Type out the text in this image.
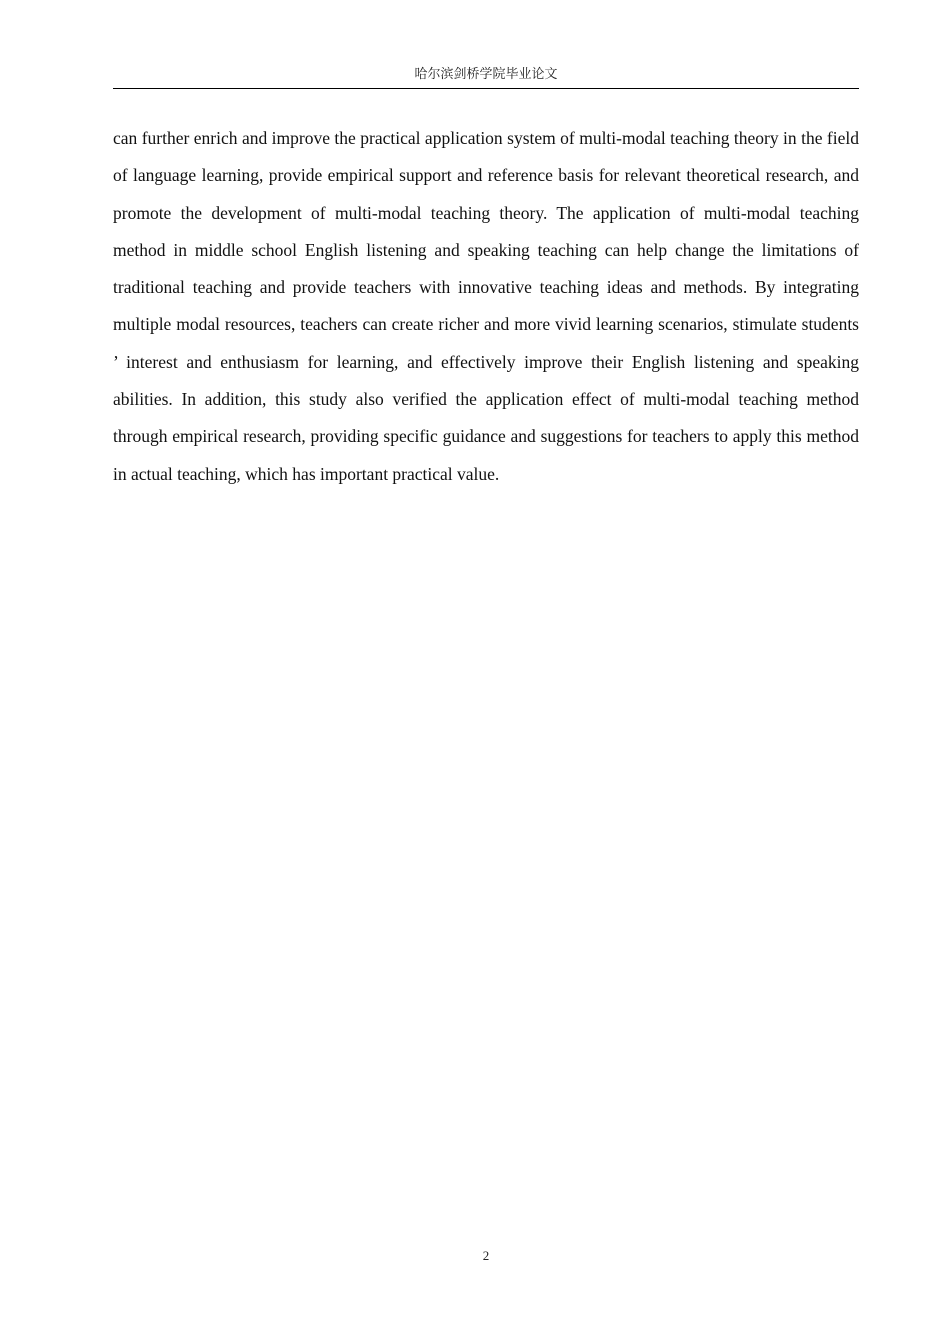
哈尔滨剑桥学院毕业论文

can further enrich and improve the practical application system of multi-modal teaching theory in the field of language learning, provide empirical support and reference basis for relevant theoretical research, and promote the development of multi-modal teaching theory. The application of multi-modal teaching method in middle school English listening and speaking teaching can help change the limitations of traditional teaching and provide teachers with innovative teaching ideas and methods. By integrating multiple modal resources, teachers can create richer and more vivid learning scenarios, stimulate students ’ interest and enthusiasm for learning, and effectively improve their English listening and speaking abilities. In addition, this study also verified the application effect of multi-modal teaching method through empirical research, providing specific guidance and suggestions for teachers to apply this method in actual teaching, which has important practical value.

2
